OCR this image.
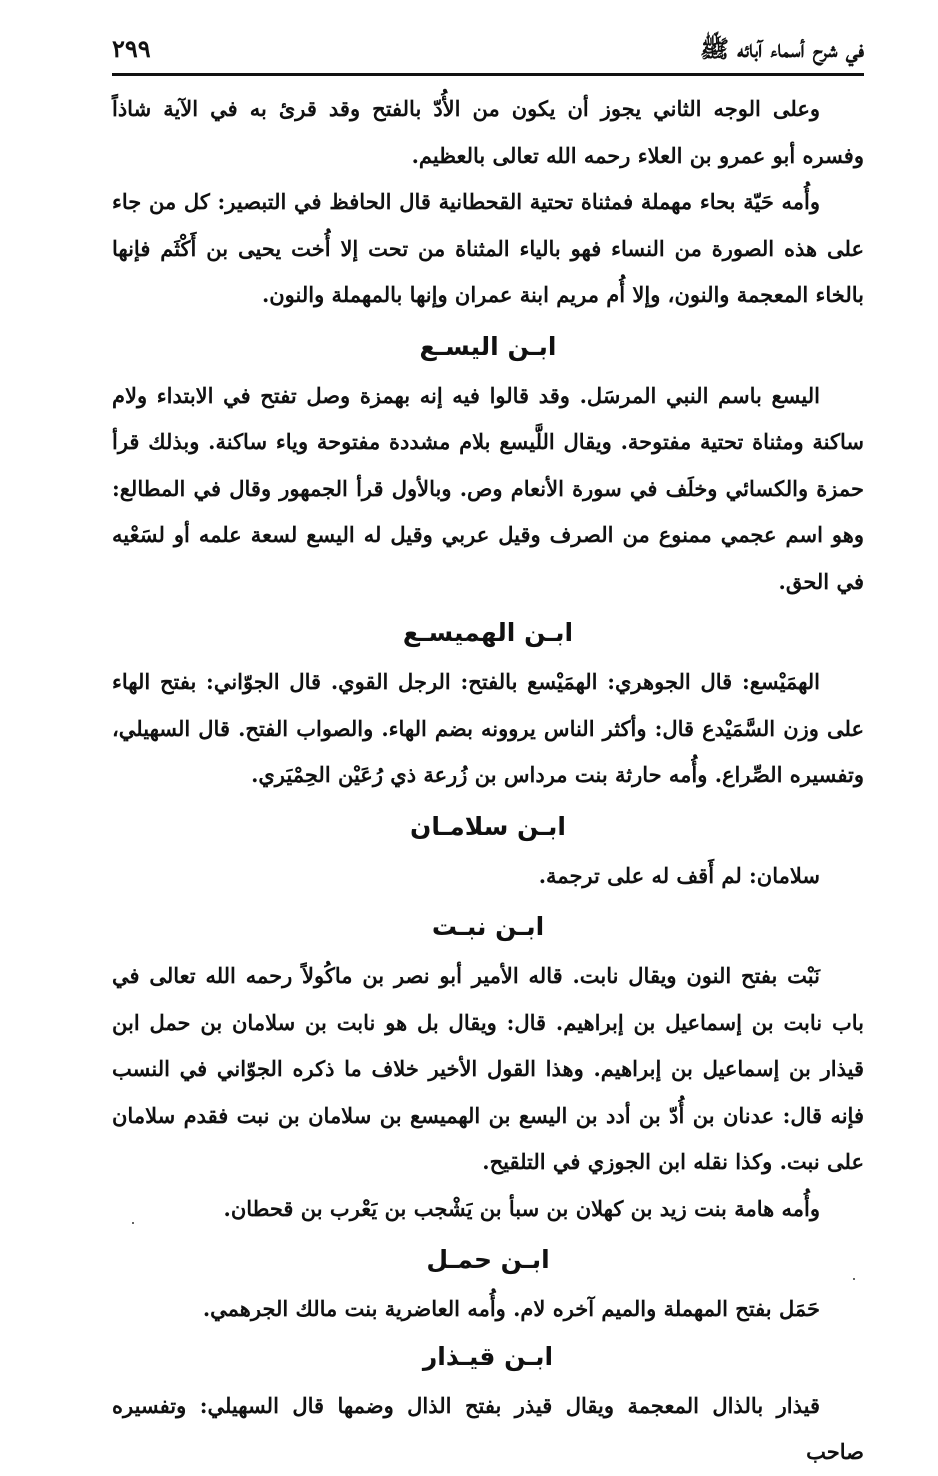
في شرح أسماء آبائه ﷺ
٢٩٩

وعلى الوجه الثاني يجوز أن يكون من الأُدّ بالفتح وقد قرئ به في الآية شاذاً وفسره أبو عمرو بن العلاء رحمه الله تعالى بالعظيم.

وأُمه حَيّة بحاء مهملة فمثناة تحتية القحطانية قال الحافظ في التبصير: كل من جاء على هذه الصورة من النساء فهو بالياء المثناة من تحت إلا أُخت يحيى بن أَكْثَم فإنها بالخاء المعجمة والنون، وإلا أُم مريم ابنة عمران وإنها بالمهملة والنون.

ابـن اليسـع

اليسع باسم النبي المرسَل. وقد قالوا فيه إنه بهمزة وصل تفتح في الابتداء ولام ساكنة ومثناة تحتية مفتوحة. ويقال اللَّيسع بلام مشددة مفتوحة وياء ساكنة. وبذلك قرأ حمزة والكسائي وخلَف في سورة الأنعام وص. وبالأول قرأ الجمهور وقال في المطالع: وهو اسم عجمي ممنوع من الصرف وقيل عربي وقيل له اليسع لسعة علمه أو لسَعْيه في الحق.

ابـن الهميسـع

الهمَيْسع: قال الجوهري: الهمَيْسع بالفتح: الرجل القوي. قال الجوّاني: بفتح الهاء على وزن السَّمَيْدع قال: وأكثر الناس يروونه بضم الهاء. والصواب الفتح. قال السهيلي، وتفسيره الصِّراع. وأُمه حارثة بنت مرداس بن زُرعة ذي رُعَيْن الحِمْيَري.

ابـن سلامـان

سلامان: لم أَقف له على ترجمة.

ابـن نبـت

نَبْت بفتح النون ويقال نابت. قاله الأمير أبو نصر بن ماكُولاً رحمه الله تعالى في باب نابت بن إسماعيل بن إبراهيم. قال: ويقال بل هو نابت بن سلامان بن حمل ابن قيذار بن إسماعيل بن إبراهيم. وهذا القول الأخير خلاف ما ذكره الجوّاني في النسب فإنه قال: عدنان بن أُدّ بن أدد بن اليسع بن الهميسع بن سلامان بن نبت فقدم سلامان على نبت. وكذا نقله ابن الجوزي في التلقيح.

وأُمه هامة بنت زيد بن كهلان بن سبأ بن يَشْجب بن يَعْرب بن قحطان.

ابـن حمـل

حَمَل بفتح المهملة والميم آخره لام. وأُمه العاضرية بنت مالك الجرهمي.

ابـن قيـذار

قيذار بالذال المعجمة ويقال قيذر بفتح الذال وضمها قال السهيلي: وتفسيره صاحب
